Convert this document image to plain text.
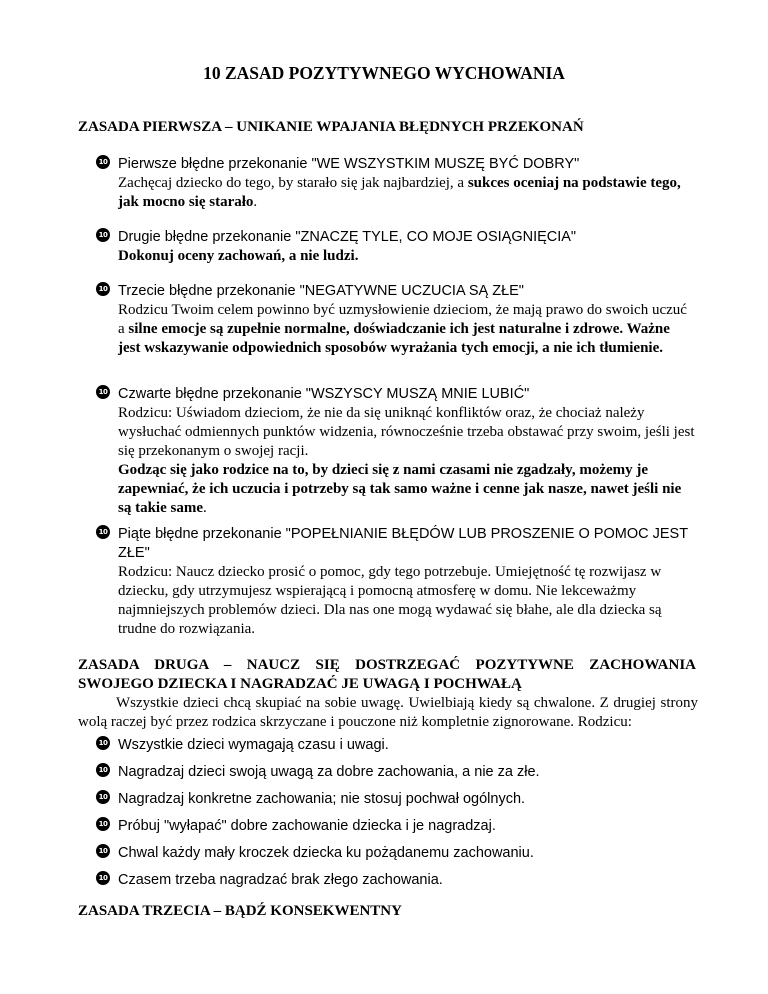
10 ZASAD POZYTYWNEGO WYCHOWANIA
ZASADA PIERWSZA – UNIKANIE WPAJANIA BŁĘDNYCH PRZEKONAŃ
10 Pierwsze błędne przekonanie "WE WSZYSTKIM MUSZĘ BYĆ DOBRY"

Zachęcaj dziecko do tego, by starało się jak najbardziej, a sukces oceniaj na podstawie tego, jak mocno się starało.

10 Drugie błędne przekonanie "ZNACZĘ TYLE, CO MOJE OSIĄGNIĘCIA"

Dokonuj oceny zachowań, a nie ludzi.

10 Trzecie błędne przekonanie "NEGATYWNE UCZUCIA SĄ ZŁE"

Rodzicu Twoim celem powinno być uzmysłowienie dzieciom, że mają prawo do swoich uczuć a silne emocje są zupełnie normalne, doświadczanie ich jest naturalne i zdrowe. Ważne jest wskazywanie odpowiednich sposobów wyrażania tych emocji, a nie ich tłumienie.

10 Czwarte błędne przekonanie "WSZYSCY MUSZĄ MNIE LUBIĆ"

Rodzicu: Uświadom dzieciom, że nie da się uniknąć konfliktów oraz, że chociaż należy wysłuchać odmiennych punktów widzenia, równocześnie trzeba obstawać przy swoim, jeśli jest się przekonanym o swojej racji.

Godząc się jako rodzice na to, by dzieci się z nami czasami nie zgadzały, możemy je zapewniać, że ich uczucia i potrzeby są tak samo ważne i cenne jak nasze, nawet jeśli nie są takie same.

10 Piąte błędne przekonanie "POPEŁNIANIE BŁĘDÓW LUB PROSZENIE O POMOC JEST ZŁE"

Rodzicu: Naucz dziecko prosić o pomoc, gdy tego potrzebuje. Umiejętność tę rozwijasz w dziecku, gdy utrzymujesz wspierającą i pomocną atmosferę w domu. Nie lekceważmy najmniejszych problemów dzieci. Dla nas one mogą wydawać się błahe, ale dla dziecka są trudne do rozwiązania.

ZASADA DRUGA – NAUCZ SIĘ DOSTRZEGAĆ POZYTYWNE ZACHOWANIA
SWOJEGO DZIECKA I NAGRADZAĆ JE UWAGĄ I POCHWAŁĄ
Wszystkie dzieci chcą skupiać na sobie uwagę. Uwielbiają kiedy są chwalone. Z drugiej strony wolą raczej być przez rodzica skrzyczane i pouczone niż kompletnie zignorowane. Rodzicu:
10 Wszystkie dzieci wymagają czasu i uwagi.

10 Nagradzaj dzieci swoją uwagą za dobre zachowania, a nie za złe.

10 Nagradzaj konkretne zachowania; nie stosuj pochwał ogólnych.

10 Próbuj "wyłapać" dobre zachowanie dziecka i je nagradzaj.

10 Chwal każdy mały kroczek dziecka ku pożądanemu zachowaniu.

10 Czasem trzeba nagradzać brak złego zachowania.

ZASADA TRZECIA – BĄDŹ KONSEKWENTNY
